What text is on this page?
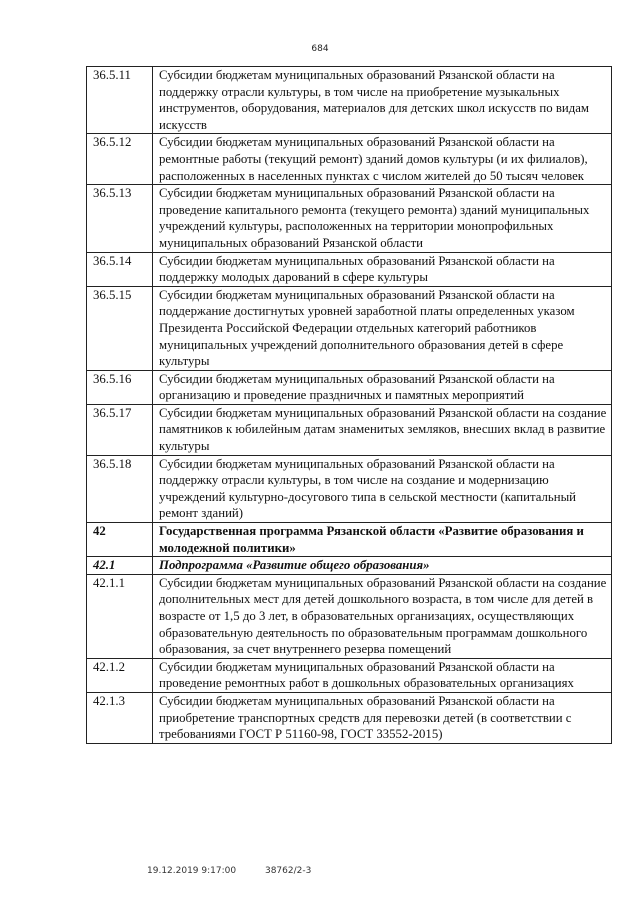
684
36.5.11	Субсидии бюджетам муниципальных образований Рязанской области на поддержку отрасли культуры, в том числе на приобретение музыкальных инструментов, оборудования, материалов для детских школ искусств по видам искусств
36.5.12	Субсидии бюджетам муниципальных образований Рязанской области на ремонтные работы (текущий ремонт) зданий домов культуры (и их филиалов), расположенных в населенных пунктах с числом жителей до 50 тысяч человек
36.5.13	Субсидии бюджетам муниципальных образований Рязанской области на проведение капитального ремонта (текущего ремонта) зданий муниципальных учреждений культуры, расположенных на территории монопрофильных муниципальных образований Рязанской области
36.5.14	Субсидии бюджетам муниципальных образований Рязанской области на поддержку молодых дарований в сфере культуры
36.5.15	Субсидии бюджетам муниципальных образований Рязанской области на поддержание достигнутых уровней заработной платы определенных указом Президента Российской Федерации отдельных категорий работников муниципальных учреждений дополнительного образования детей в сфере культуры
36.5.16	Субсидии бюджетам муниципальных образований Рязанской области на организацию и проведение праздничных и памятных мероприятий
36.5.17	Субсидии бюджетам муниципальных образований Рязанской области на создание памятников к юбилейным датам знаменитых земляков, внесших вклад в развитие культуры
36.5.18	Субсидии бюджетам муниципальных образований Рязанской области на поддержку отрасли культуры, в том числе на создание и модернизацию учреждений культурно-досугового типа в сельской местности (капитальный ремонт зданий)
42	Государственная программа Рязанской области «Развитие образования и молодежной политики»
42.1	Подпрограмма «Развитие общего образования»
42.1.1	Субсидии бюджетам муниципальных образований Рязанской области на создание дополнительных мест для детей дошкольного возраста, в том числе для детей в возрасте от 1,5 до 3 лет, в образовательных организациях, осуществляющих образовательную деятельность по образовательным программам дошкольного образования, за счет внутреннего резерва помещений
42.1.2	Субсидии бюджетам муниципальных образований Рязанской области на проведение ремонтных работ в дошкольных образовательных организациях
42.1.3	Субсидии бюджетам муниципальных образований Рязанской области на приобретение транспортных средств для перевозки детей (в соответствии с требованиями ГОСТ Р 51160-98, ГОСТ 33552-2015)
19.12.2019 9:17:00	38762/2-3
